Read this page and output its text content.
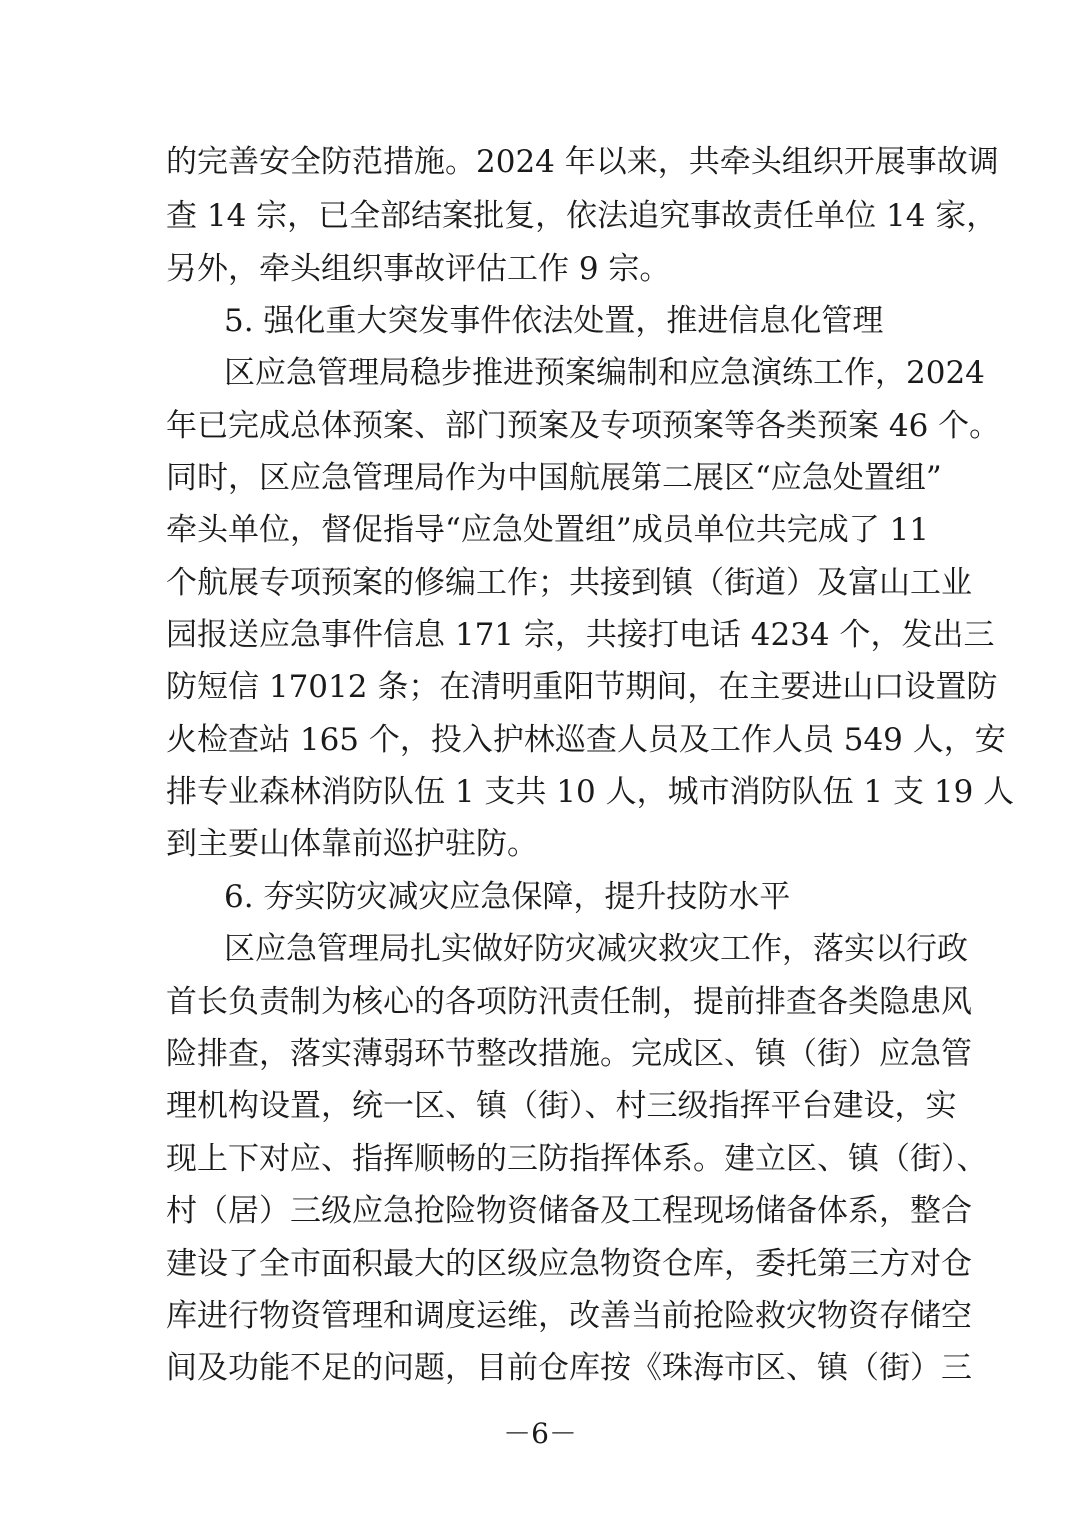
的完善安全防范措施。2024 年以来，共牵头组织开展事故调
查 14 宗，已全部结案批复，依法追究事故责任单位 14 家，
另外，牵头组织事故评估工作 9 宗。
5. 强化重大突发事件依法处置，推进信息化管理
区应急管理局稳步推进预案编制和应急演练工作，2024
年已完成总体预案、部门预案及专项预案等各类预案 46 个。
同时，区应急管理局作为中国航展第二展区“应急处置组”
牵头单位，督促指导“应急处置组”成员单位共完成了 11
个航展专项预案的修编工作；共接到镇（街道）及富山工业
园报送应急事件信息 171 宗，共接打电话 4234 个，发出三
防短信 17012 条；在清明重阳节期间，在主要进山口设置防
火检查站 165 个，投入护林巡查人员及工作人员 549 人，安
排专业森林消防队伍 1 支共 10 人，城市消防队伍 1 支 19 人
到主要山体靠前巡护驻防。
6. 夯实防灾减灾应急保障，提升技防水平
区应急管理局扎实做好防灾减灾救灾工作，落实以行政
首长负责制为核心的各项防汛责任制，提前排查各类隐患风
险排查，落实薄弱环节整改措施。完成区、镇（街）应急管
理机构设置，统一区、镇（街）、村三级指挥平台建设，实
现上下对应、指挥顺畅的三防指挥体系。建立区、镇（街）、
村（居）三级应急抢险物资储备及工程现场储备体系，整合
建设了全市面积最大的区级应急物资仓库，委托第三方对仓
库进行物资管理和调度运维，改善当前抢险救灾物资存储空
间及功能不足的问题，目前仓库按《珠海市区、镇（街）三
－6－
